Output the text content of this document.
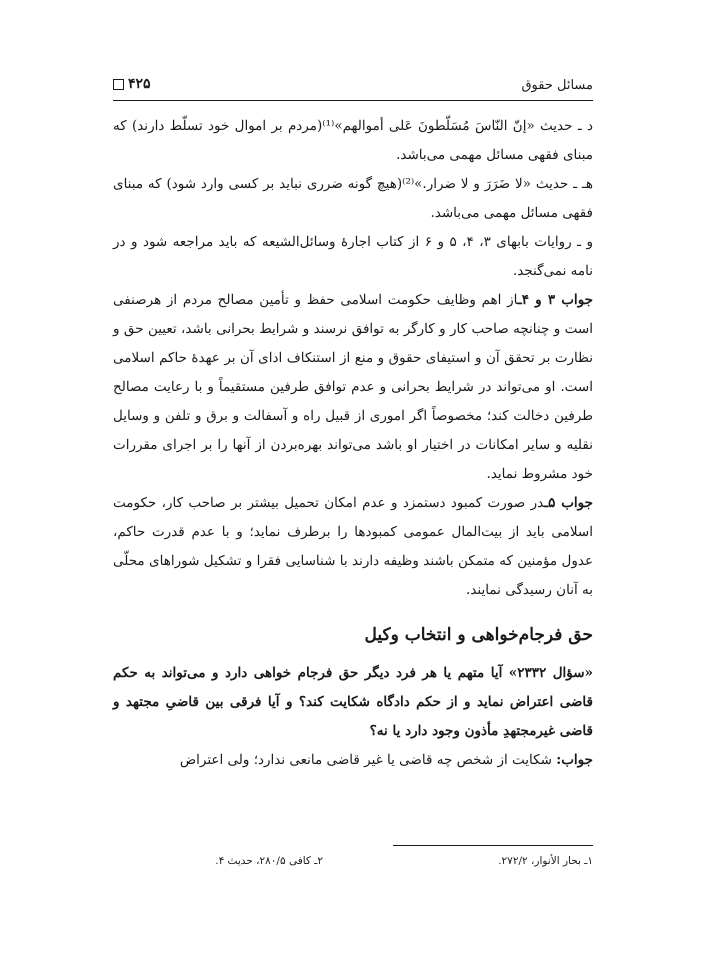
مسائل حقوق
۴۲۵

د ـ حديث «إنّ النّاسَ مُسَلّطونَ عَلى أموالهم»⁽¹⁾(مردم بر اموال خود تسلّط دارند) که مبنای فقهی مسائل مهمی می‌باشد.

هـ ـ حديث «لا ضَرَرَ و لا ضرار.»⁽²⁾(هيچ گونه ضرری نبايد بر کسی وارد شود) که مبنای فقهی مسائل مهمی می‌باشد.

و ـ روايات بابهای ۳، ۴، ۵ و ۶ از کتاب اجارهٔ وسائل‌الشيعه که بايد مراجعه شود و در نامه نمی‌گنجد.

جواب ۳ و ۴ـاز اهم وظايف حکومت اسلامی حفظ و تأمين مصالح مردم از هرصنفی است و چنانچه صاحب کار و کارگر به توافق نرسند و شرايط بحرانی باشد، تعيين حق و نظارت بر تحقق آن و استيفای حقوق و منع از استنکاف ادای آن بر عهدهٔ حاکم اسلامی است. او می‌تواند در شرايط بحرانی و عدم توافق طرفين مستقيماً و با رعايت مصالح طرفين دخالت کند؛ مخصوصاً اگر اموری از قبيل راه و آسفالت و برق و تلفن و وسايل نقليه و ساير امکانات در اختيار او باشد می‌تواند بهره‌بردن از آنها را بر اجرای مقررات خود مشروط نمايد.

جواب ۵ـدر صورت کمبود دستمزد و عدم امکان تحميل بيشتر بر صاحب کار، حکومت اسلامی بايد از بيت‌المال عمومی کمبودها را برطرف نمايد؛ و با عدم قدرت حاکم، عدول مؤمنين که متمکن باشند وظيفه دارند با شناسايی فقرا و تشکيل شوراهای محلّی به آنان رسيدگی نمايند.

حق فرجام‌خواهی و انتخاب وکيل

«سؤال ۲۳۳۲» آيا متهم يا هر فرد ديگر حق فرجام خواهی دارد و می‌تواند به حکم قاضی اعتراض نمايد و از حکم دادگاه شکايت کند؟ و آيا فرقی بين قاضیِ مجتهد و قاضی غيرمجتهدِ مأذون وجود دارد يا نه؟

جواب: شکايت از شخص چه قاضی يا غير قاضی مانعی ندارد؛ ولی اعتراض

۱ـ بحار الأنوار، ۲۷۲/۲.
۲ـ کافی ۲۸۰/۵، حديث ۴.
